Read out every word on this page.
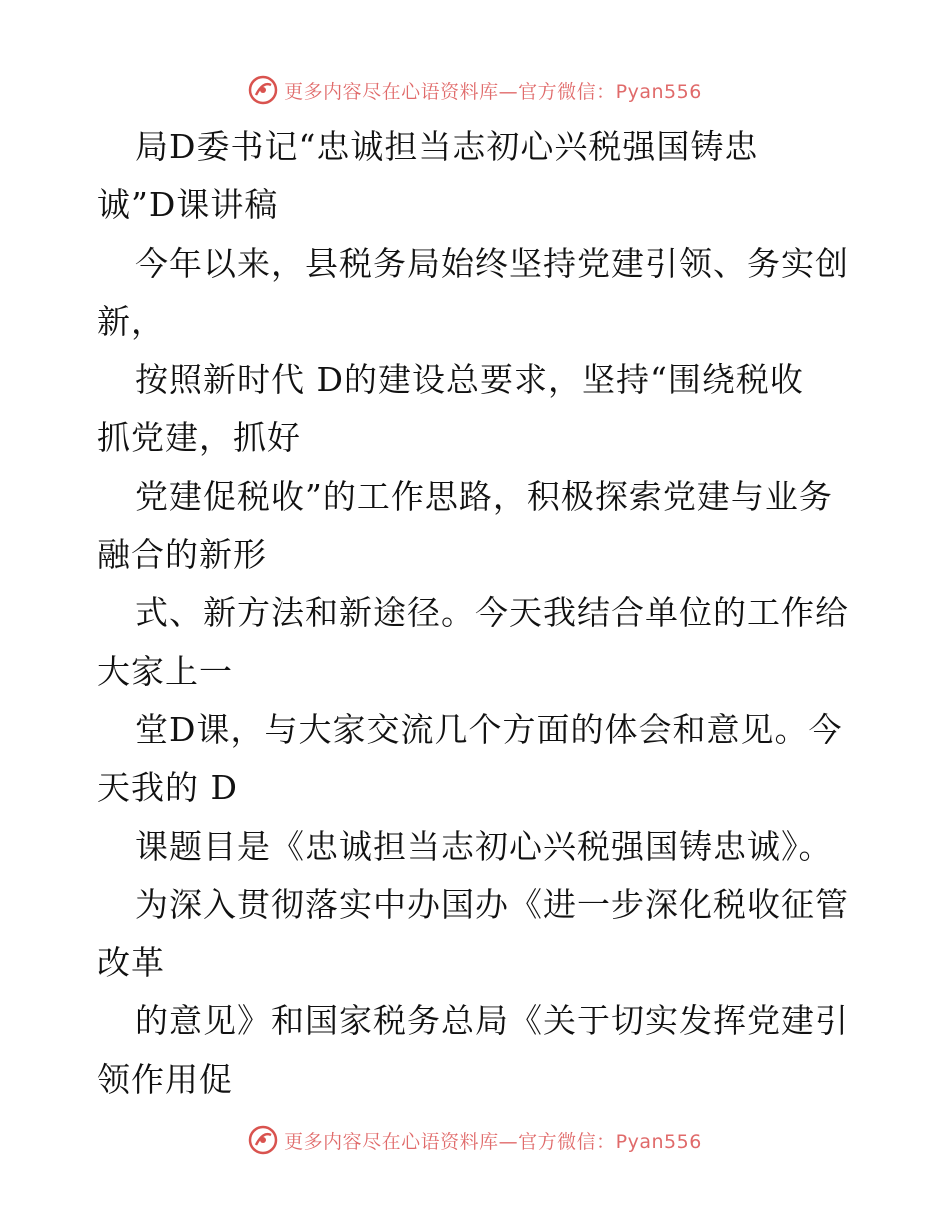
更多内容尽在心语资料库—官方微信：Pyan556
局D委书记“忠诚担当志初心兴税强国铸忠
诚”D课讲稿
今年以来，县税务局始终坚持党建引领、务实创
新，
按照新时代 D的建设总要求，坚持“围绕税收
抓党建，抓好
党建促税收”的工作思路，积极探索党建与业务
融合的新形
式、新方法和新途径。今天我结合单位的工作给
大家上一
堂D课，与大家交流几个方面的体会和意见。今
天我的 D
课题目是《忠诚担当志初心兴税强国铸忠诚》。
为深入贯彻落实中办国办《进一步深化税收征管
改革
的意见》和国家税务总局《关于切实发挥党建引
领作用促
更多内容尽在心语资料库—官方微信：Pyan556
